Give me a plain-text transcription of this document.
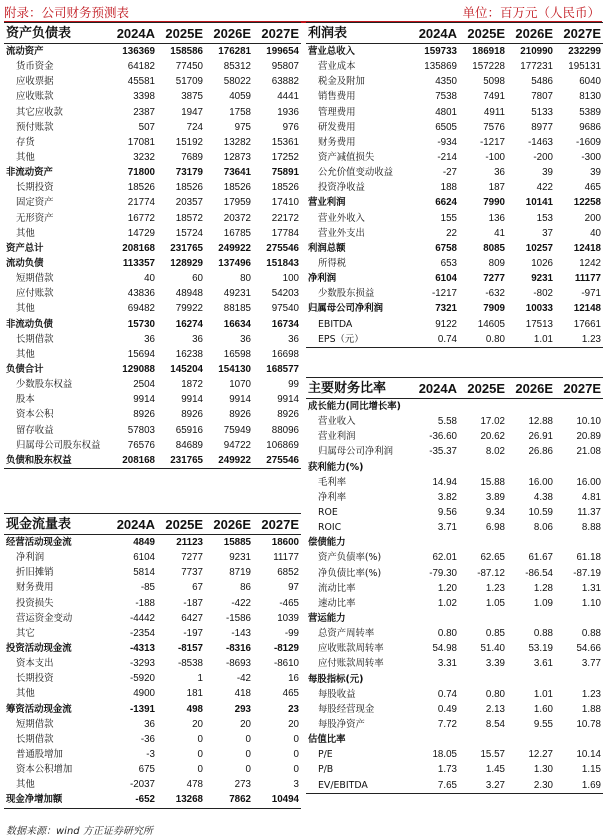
附录：公司财务预测表	单位：百万元（人民币）
资产负债表	2024A	2025E	2026E	2027E
流动资产	136369	158586	176281	199654
货币资金	64182	77450	85312	95807
应收票据	45581	51709	58022	63882
应收账款	3398	3875	4059	4441
其它应收款	2387	1947	1758	1936
预付账款	507	724	975	976
存货	17081	15192	13282	15361
其他	3232	7689	12873	17252
非流动资产	71800	73179	73641	75891
长期投资	18526	18526	18526	18526
固定资产	21774	20357	17959	17410
无形资产	16772	18572	20372	22172
其他	14729	15724	16785	17784
资产总计	208168	231765	249922	275546
流动负债	113357	128929	137496	151843
短期借款	40	60	80	100
应付账款	43836	48948	49231	54203
其他	69482	79922	88185	97540
非流动负债	15730	16274	16634	16734
长期借款	36	36	36	36
其他	15694	16238	16598	16698
负债合计	129088	145204	154130	168577
少数股东权益	2504	1872	1070	99
股本	9914	9914	9914	9914
资本公积	8926	8926	8926	8926
留存收益	57803	65916	75949	88096
归属母公司股东权益	76576	84689	94722	106869
负债和股东权益	208168	231765	249922	275546
现金流量表	2024A	2025E	2026E	2027E
经营活动现金流	4849	21123	15885	18600
净利润	6104	7277	9231	11177
折旧摊销	5814	7737	8719	6852
财务费用	-85	67	86	97
投资损失	-188	-187	-422	-465
营运资金变动	-4442	6427	-1586	1039
其它	-2354	-197	-143	-99
投资活动现金流	-4313	-8157	-8316	-8129
资本支出	-3293	-8538	-8693	-8610
长期投资	-5920	1	-42	16
其他	4900	181	418	465
筹资活动现金流	-1391	498	293	23
短期借款	36	20	20	20
长期借款	-36	0	0	0
普通股增加	-3	0	0	0
资本公积增加	675	0	0	0
其他	-2037	478	273	3
现金净增加额	-652	13268	7862	10494
利润表	2024A	2025E	2026E	2027E
营业总收入	159733	186918	210990	232299
营业成本	135869	157228	177231	195131
税金及附加	4350	5098	5486	6040
销售费用	7538	7491	7807	8130
管理费用	4801	4911	5133	5389
研发费用	6505	7576	8977	9686
财务费用	-934	-1217	-1463	-1609
资产减值损失	-214	-100	-200	-300
公允价值变动收益	-27	36	39	39
投资净收益	188	187	422	465
营业利润	6624	7990	10141	12258
营业外收入	155	136	153	200
营业外支出	22	41	37	40
利润总额	6758	8085	10257	12418
所得税	653	809	1026	1242
净利润	6104	7277	9231	11177
少数股东损益	-1217	-632	-802	-971
归属母公司净利润	7321	7909	10033	12148
EBITDA	9122	14605	17513	17661
EPS（元）	0.74	0.80	1.01	1.23
主要财务比率	2024A	2025E	2026E	2027E
成长能力(同比增长率)				
营业收入	5.58	17.02	12.88	10.10
营业利润	-36.60	20.62	26.91	20.89
归属母公司净利润	-35.37	8.02	26.86	21.08
获利能力(%)				
毛利率	14.94	15.88	16.00	16.00
净利率	3.82	3.89	4.38	4.81
ROE	9.56	9.34	10.59	11.37
ROIC	3.71	6.98	8.06	8.88
偿债能力				
资产负债率(%)	62.01	62.65	61.67	61.18
净负债比率(%)	-79.30	-87.12	-86.54	-87.19
流动比率	1.20	1.23	1.28	1.31
速动比率	1.02	1.05	1.09	1.10
营运能力				
总资产周转率	0.80	0.85	0.88	0.88
应收账款周转率	54.98	51.40	53.19	54.66
应付账款周转率	3.31	3.39	3.61	3.77
每股指标(元)				
每股收益	0.74	0.80	1.01	1.23
每股经营现金	0.49	2.13	1.60	1.88
每股净资产	7.72	8.54	9.55	10.78
估值比率				
P/E	18.05	15.57	12.27	10.14
P/B	1.73	1.45	1.30	1.15
EV/EBITDA	7.65	3.27	2.30	1.69
数据来源：wind 方正证券研究所
